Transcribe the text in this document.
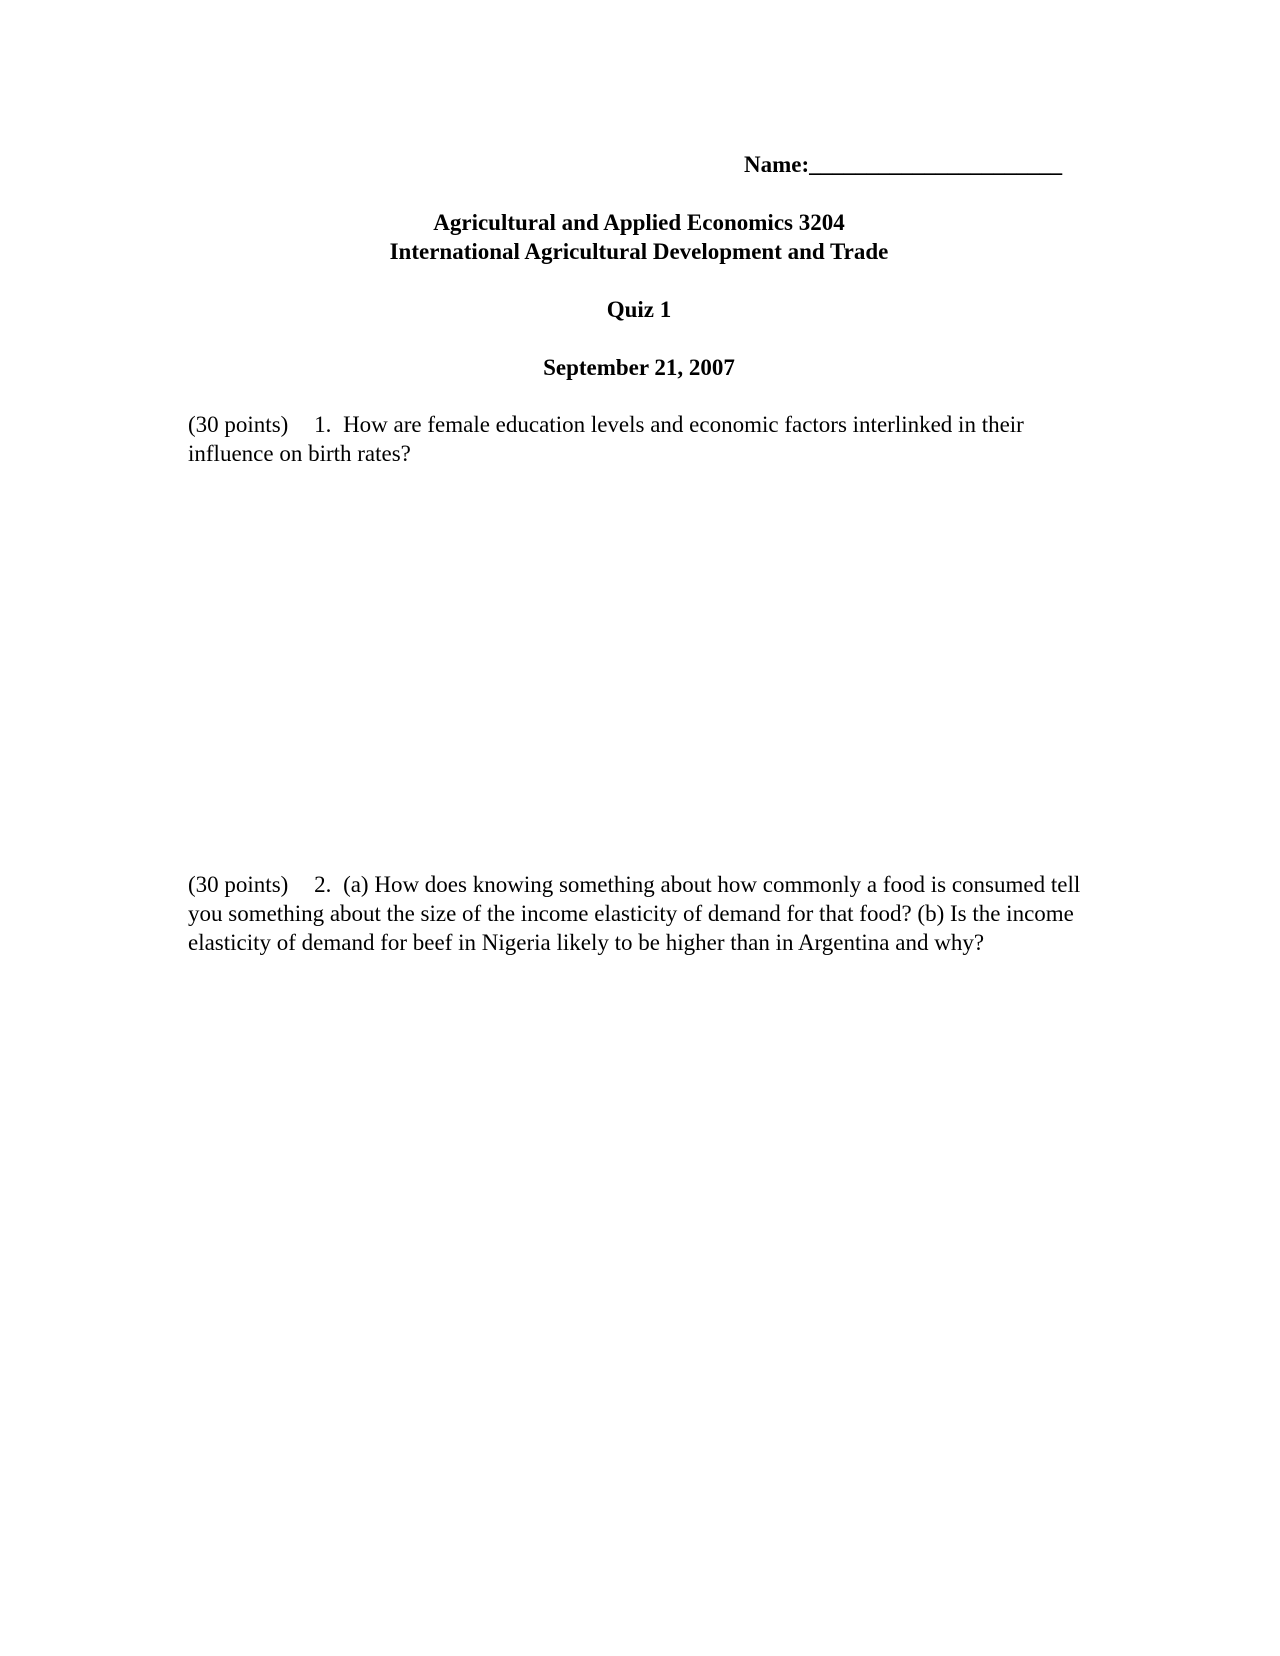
Name:______________________
Agricultural and Applied Economics 3204
International Agricultural Development and Trade
Quiz 1
September 21, 2007
(30 points) 1. How are female education levels and economic factors interlinked in their influence on birth rates?
(30 points) 2. (a) How does knowing something about how commonly a food is consumed tell you something about the size of the income elasticity of demand for that food? (b) Is the income elasticity of demand for beef in Nigeria likely to be higher than in Argentina and why?
